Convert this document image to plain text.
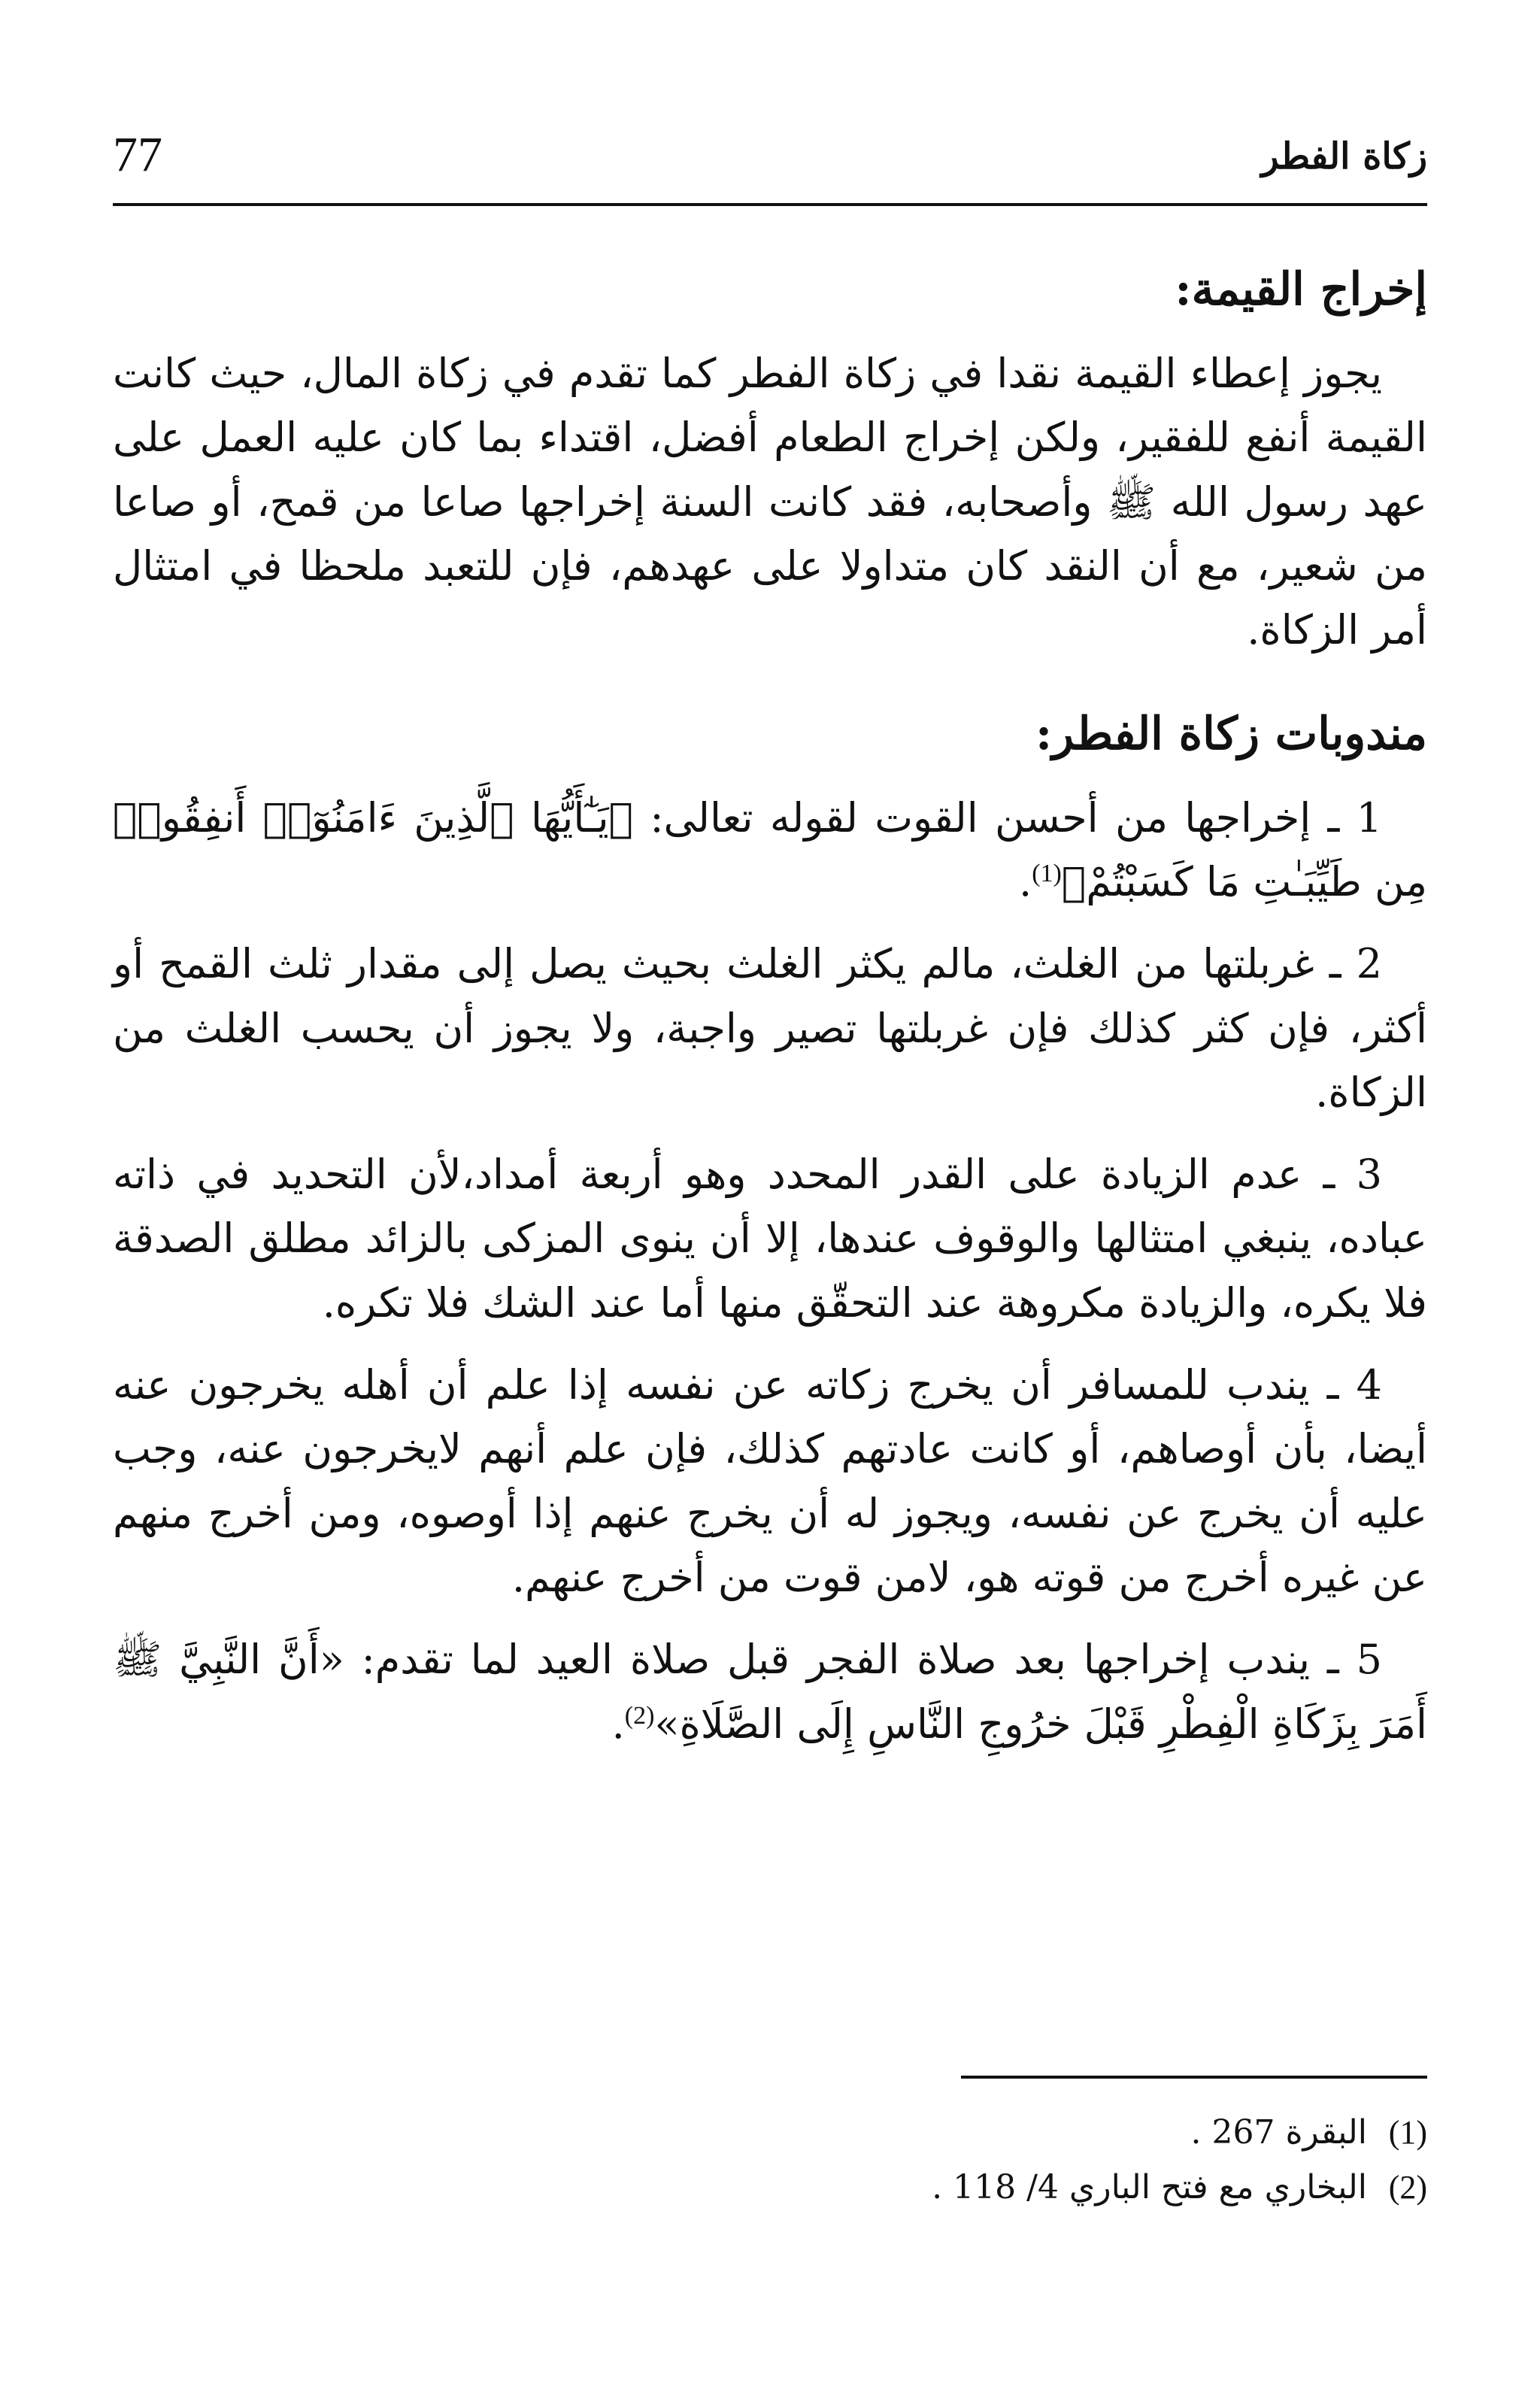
77	زكاة الفطر
إخراج القيمة:

يجوز إعطاء القيمة نقدا في زكاة الفطر كما تقدم في زكاة المال، حيث كانت القيمة أنفع للفقير، ولكن إخراج الطعام أفضل، اقتداء بما كان عليه العمل على عهد رسول الله ﷺ وأصحابه، فقد كانت السنة إخراجها صاعا من قمح، أو صاعا من شعير، مع أن النقد كان متداولا على عهدهم، فإن للتعبد ملحظا في امتثال أمر الزكاة.

مندوبات زكاة الفطر:

1 ـ إخراجها من أحسن القوت لقوله تعالى: ﴿يَـٰٓأَيُّهَا ٱلَّذِينَ ءَامَنُوٓا۟ أَنفِقُوا۟ مِن طَيِّبَـٰتِ مَا كَسَبْتُمْ﴾$^{(1)}$.

2 ـ غربلتها من الغلث، مالم يكثر الغلث بحيث يصل إلى مقدار ثلث القمح أو أكثر، فإن كثر كذلك فإن غربلتها تصير واجبة، ولا يجوز أن يحسب الغلث من الزكاة.

3 ـ عدم الزيادة على القدر المحدد وهو أربعة أمداد،لأن التحديد في ذاته عباده، ينبغي امتثالها والوقوف عندها، إلا أن ينوى المزكى بالزائد مطلق الصدقة فلا يكره، والزيادة مكروهة عند التحقّق منها أما عند الشك فلا تكره.

4 ـ يندب للمسافر أن يخرج زكاته عن نفسه إذا علم أن أهله يخرجون عنه أيضا، بأن أوصاهم، أو كانت عادتهم كذلك، فإن علم أنهم لايخرجون عنه، وجب عليه أن يخرج عن نفسه، ويجوز له أن يخرج عنهم إذا أوصوه، ومن أخرج منهم عن غيره أخرج من قوته هو، لامن قوت من أخرج عنهم.

5 ـ يندب إخراجها بعد صلاة الفجر قبل صلاة العيد لما تقدم: «أَنَّ النَّبِيَّ ﷺ أَمَرَ بِزَكَاةِ الْفِطْرِ قَبْلَ خرُوجِ النَّاسِ إِلَى الصَّلَاةِ»$^{(2)}$.

(1)البقرة 267 .
(2)البخاري مع فتح الباري 4/ 118 .
